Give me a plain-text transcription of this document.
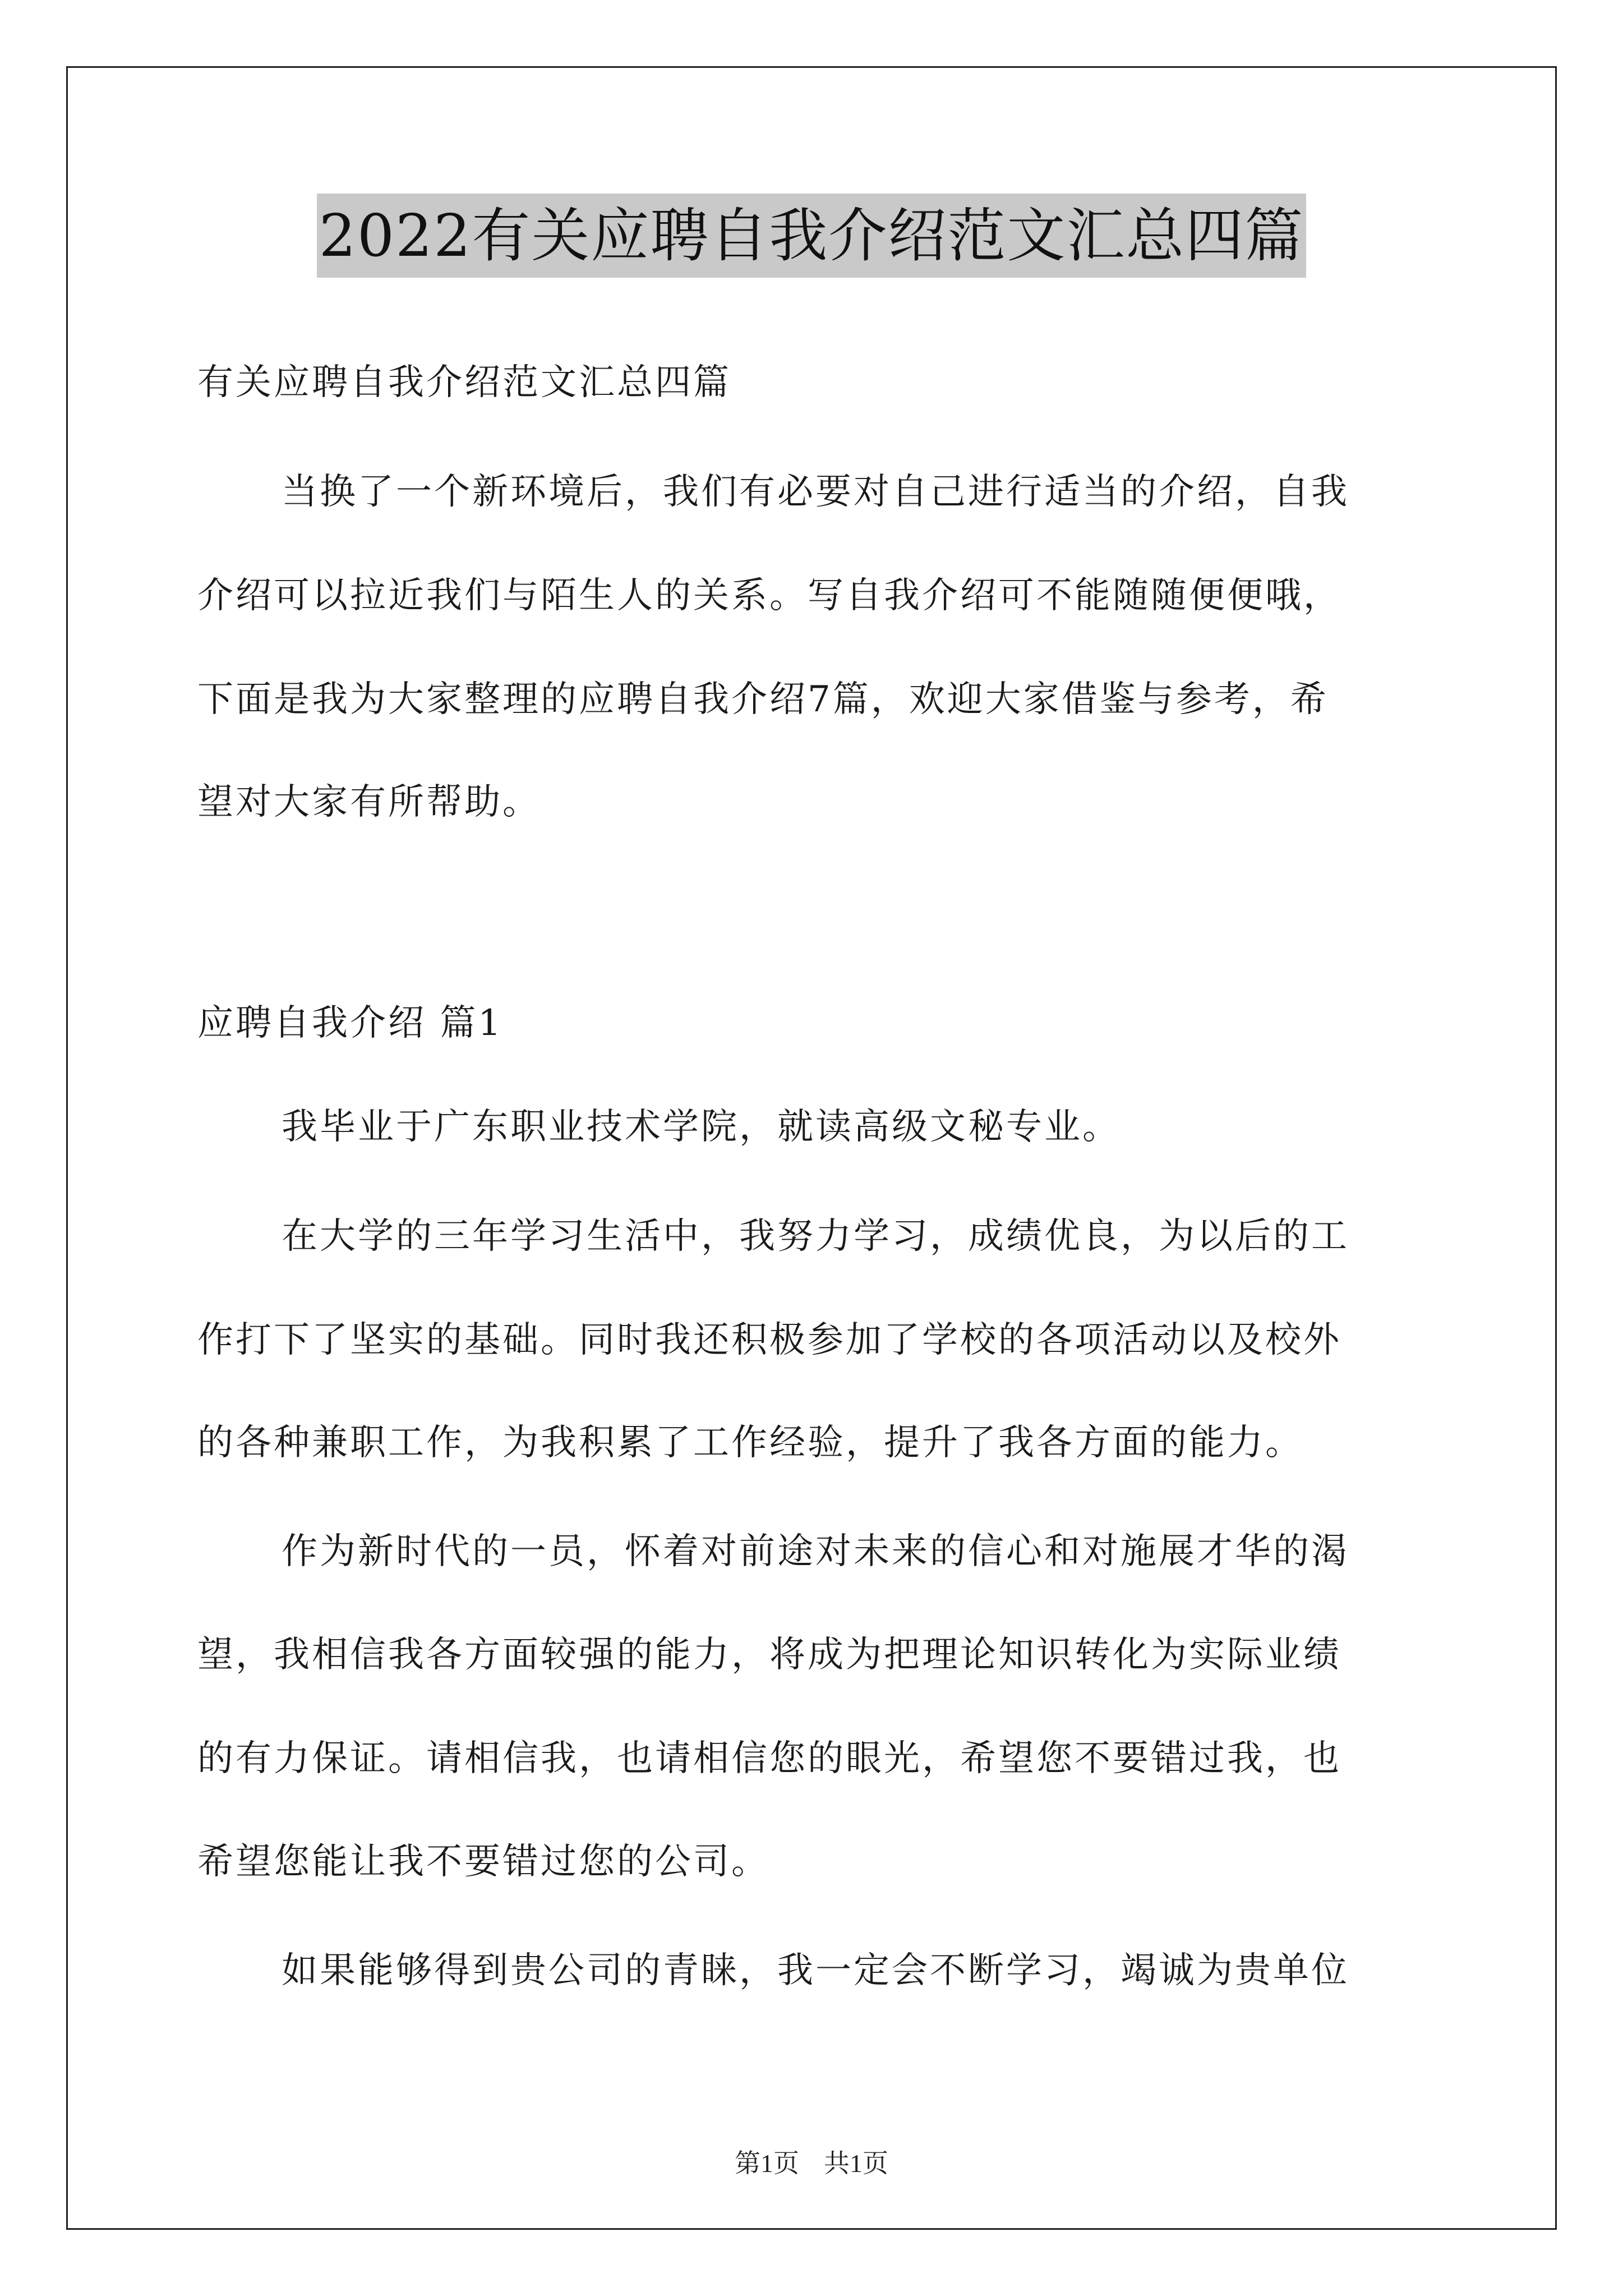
2022有关应聘自我介绍范文汇总四篇
有关应聘自我介绍范文汇总四篇
当换了一个新环境后，我们有必要对自己进行适当的介绍，自我
介绍可以拉近我们与陌生人的关系。写自我介绍可不能随随便便哦，
下面是我为大家整理的应聘自我介绍7篇，欢迎大家借鉴与参考，希
望对大家有所帮助。
应聘自我介绍 篇1
我毕业于广东职业技术学院，就读高级文秘专业。
在大学的三年学习生活中，我努力学习，成绩优良，为以后的工
作打下了坚实的基础。同时我还积极参加了学校的各项活动以及校外
的各种兼职工作，为我积累了工作经验，提升了我各方面的能力。
作为新时代的一员，怀着对前途对未来的信心和对施展才华的渴
望，我相信我各方面较强的能力，将成为把理论知识转化为实际业绩
的有力保证。请相信我，也请相信您的眼光，希望您不要错过我，也
希望您能让我不要错过您的公司。
如果能够得到贵公司的青睐，我一定会不断学习，竭诚为贵单位
第1页 共1页
